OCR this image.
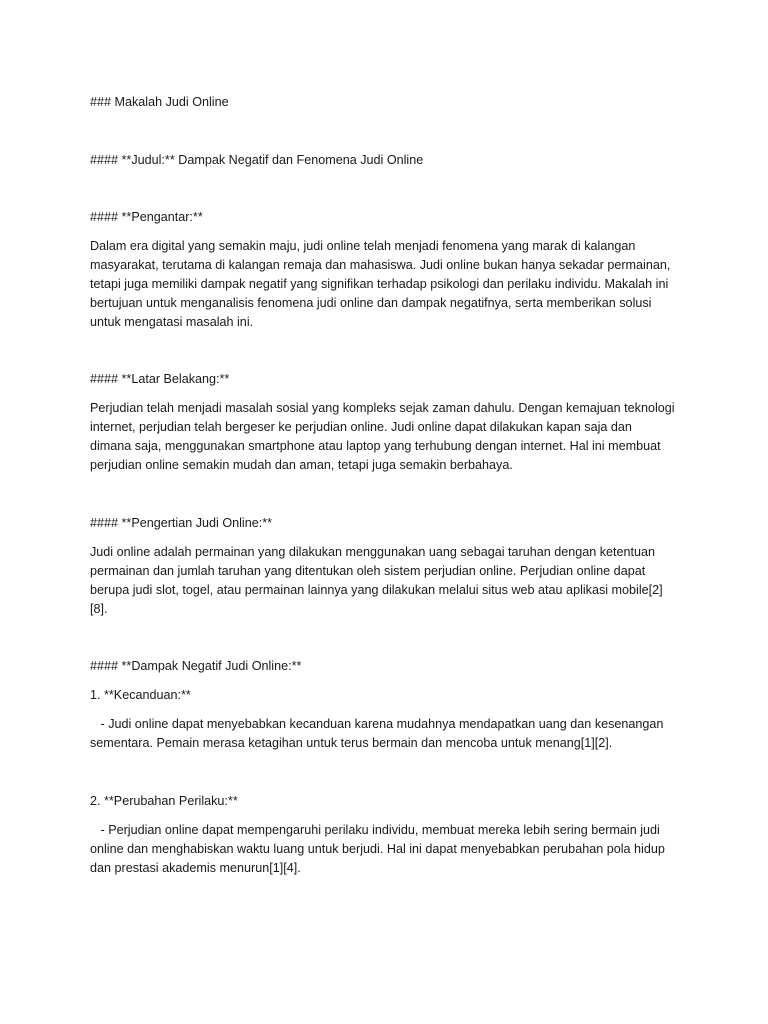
### Makalah Judi Online

#### **Judul:** Dampak Negatif dan Fenomena Judi Online

#### **Pengantar:**

Dalam era digital yang semakin maju, judi online telah menjadi fenomena yang marak di kalangan
masyarakat, terutama di kalangan remaja dan mahasiswa. Judi online bukan hanya sekadar permainan,
tetapi juga memiliki dampak negatif yang signifikan terhadap psikologi dan perilaku individu. Makalah ini
bertujuan untuk menganalisis fenomena judi online dan dampak negatifnya, serta memberikan solusi
untuk mengatasi masalah ini.

#### **Latar Belakang:**

Perjudian telah menjadi masalah sosial yang kompleks sejak zaman dahulu. Dengan kemajuan teknologi
internet, perjudian telah bergeser ke perjudian online. Judi online dapat dilakukan kapan saja dan
dimana saja, menggunakan smartphone atau laptop yang terhubung dengan internet. Hal ini membuat
perjudian online semakin mudah dan aman, tetapi juga semakin berbahaya.

#### **Pengertian Judi Online:**

Judi online adalah permainan yang dilakukan menggunakan uang sebagai taruhan dengan ketentuan
permainan dan jumlah taruhan yang ditentukan oleh sistem perjudian online. Perjudian online dapat
berupa judi slot, togel, atau permainan lainnya yang dilakukan melalui situs web atau aplikasi mobile[2]
[8].

#### **Dampak Negatif Judi Online:**

1. **Kecanduan:**

- Judi online dapat menyebabkan kecanduan karena mudahnya mendapatkan uang dan kesenangan
sementara. Pemain merasa ketagihan untuk terus bermain dan mencoba untuk menang[1][2].

2. **Perubahan Perilaku:**

- Perjudian online dapat mempengaruhi perilaku individu, membuat mereka lebih sering bermain judi
online dan menghabiskan waktu luang untuk berjudi. Hal ini dapat menyebabkan perubahan pola hidup
dan prestasi akademis menurun[1][4].
